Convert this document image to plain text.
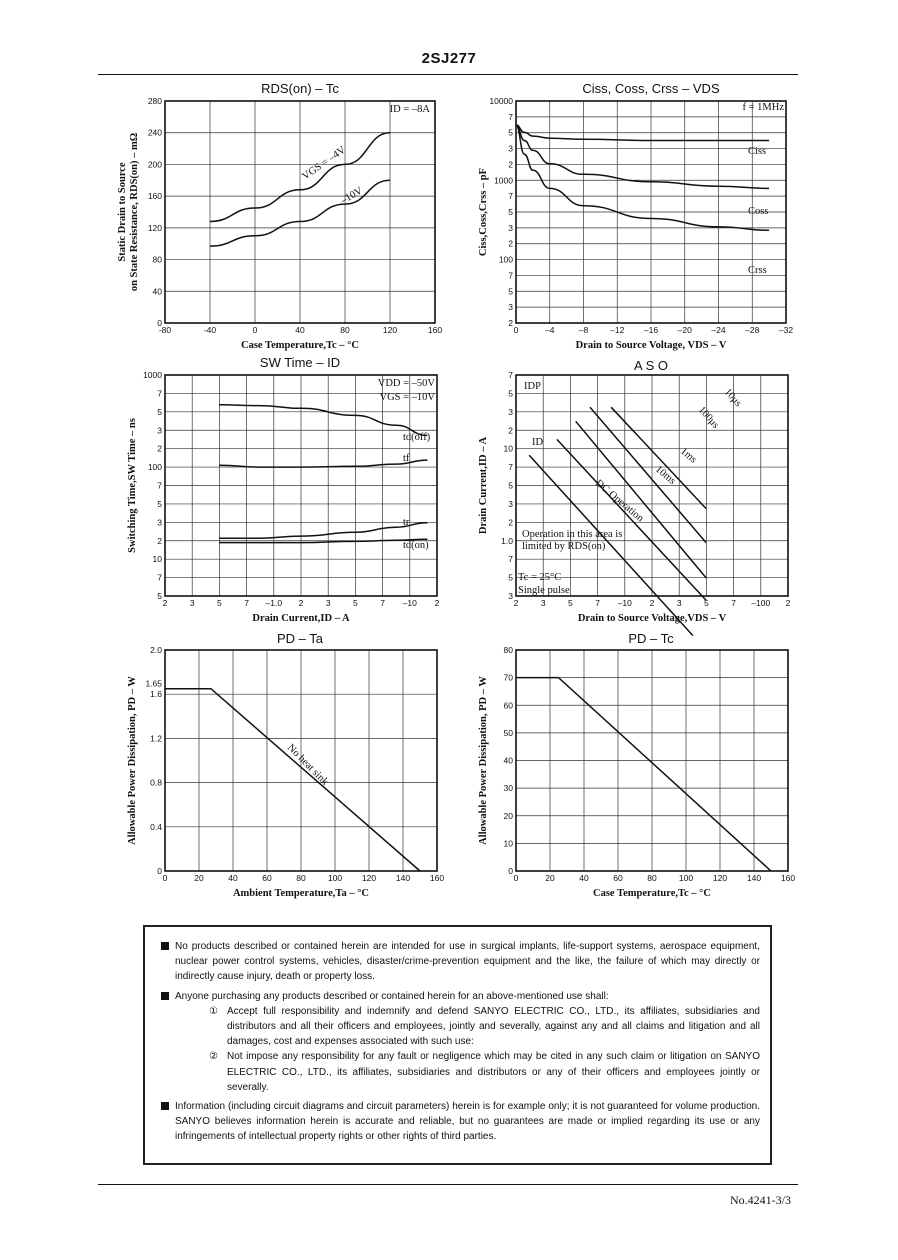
2SJ277
RDS(on) – Tc
-80	-40	0	40	80	120	160
0
40
80
120
160
200
240
280
Case Temperature,Tc – °C
Static Drain to Source on State Resistance, RDS(on) – mΩ
Ciss, Coss, Crss – VDS
0	–4	–8	–12 –16 –20 –24 –28 –32
10000
7
5
3
2
1000
7
5
3
2
100
7
5
3
2
Drain to Source Voltage, VDS – V
Ciss,Coss,Crss – pF
SW Time – ID
2	3	5	7 –1.0 2	3	5	7 –10 2
1000
7
5
3
2
100
7
5
3
2
10
7
5
Drain Current,ID – A
Switching Time,SW Time – ns
A S O
2	3	5	7 –10 2	3	5	7 –100 2
7
5
3
2
10
7
5
3
2
1.0
7
5
3
Drain to Source Voltage,VDS – V
Drain Current,ID – A
PD – Ta
0	20	40	60	80	100 120 140 160
0
0.4
0.8
1.2
1.6
2.0
1.65
Ambient Temperature,Ta – °C
Allowable Power Dissipation, PD – W
PD – Tc
0	20	40	60	80	100 120 140 160
0
10
20
30
40
50
60
70
80
Case Temperature,Tc – °C
Allowable Power Dissipation, PD – W
ID = –8A
VGS = –4V
–10V
f = 1MHz
Ciss
Coss
Crss
VDD = –50V
VGS = –10V
td(off)
tf
tr
td(on)
IDP
ID
Operation in this area is
limited by RDS(on)
Tc = 25°C
Single pulse
10μs
100μs
1ms
10ms
DC Operation
No heat sink
No products described or contained herein are intended for use in surgical implants, life-support systems, aerospace equipment, nuclear power control systems, vehicles, disaster/crime-prevention equipment and the like, the failure of which may directly or indirectly cause injury, death or property loss.
Anyone purchasing any products described or contained herein for an above-mentioned use shall:
① Accept full responsibility and indemnify and defend SANYO ELECTRIC CO., LTD., its affiliates, subsidiaries and distributors and all their officers and employees, jointly and severally, against any and all claims and litigation and all damages, cost and expenses associated with such use:
② Not impose any responsibility for any fault or negligence which may be cited in any such claim or litigation on SANYO ELECTRIC CO., LTD., its affiliates, subsidiaries and distributors or any of their officers and employees jointly or severally.
Information (including circuit diagrams and circuit parameters) herein is for example only; it is not guaranteed for volume production. SANYO believes information herein is accurate and reliable, but no guarantees are made or implied regarding its use or any infringements of intellectual property rights or other rights of third parties.
No.4241-3/3
